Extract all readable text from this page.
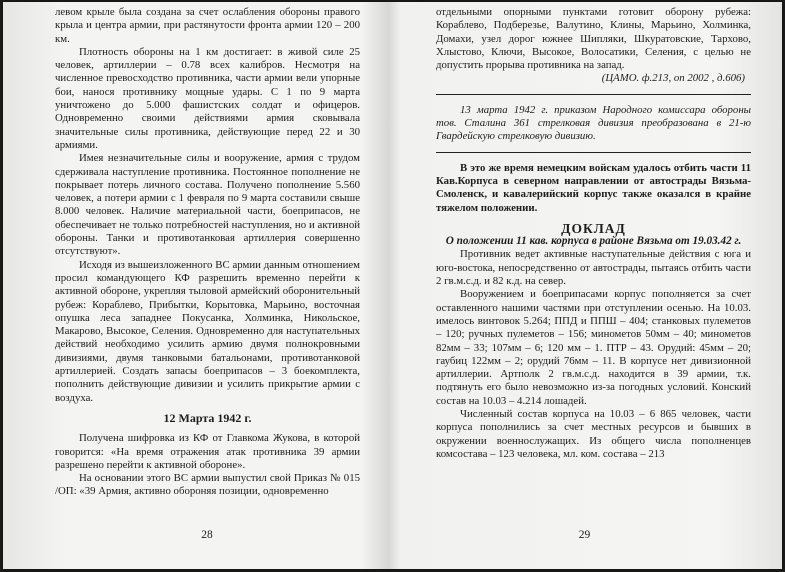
левом крыле была создана за счет ослабления обороны правого крыла и центра армии, при растянутости фронта армии 120 – 200 км.

Плотность обороны на 1 км достигает: в живой силе 25 человек, артиллерии – 0.78 всех калибров. Несмотря на численное превосходство противника, части армии вели упорные бои, нанося противнику мощные удары. С 1 по 9 марта уничтожено до 5.000 фашистских солдат и офицеров. Одновременно своими действиями армия сковывала значительные силы противника, действующие перед 22 и 30 армиями.

Имея незначительные силы и вооружение, армия с трудом сдерживала наступление противника. Постоянное пополнение не покрывает потерь личного состава. Получено пополнение 5.560 человек, а потери армии с 1 февраля по 9 марта составили свыше 8.000 человек. Наличие материальной части, боеприпасов, не обеспечивает не только потребностей наступления, но и активной обороны. Танки и противотанковая артиллерия совершенно отсутствуют».

Исходя из вышеизложенного ВС армии данным отношением просил командующего КФ разрешить временно перейти к активной обороне, укрепляя тыловой армейский оборонительный рубеж: Кораблево, Прибытки, Корытовка, Марьино, восточная опушка леса западнее Покусанка, Холминка, Никольское, Макарово, Высокое, Селения. Одновременно для наступательных действий необходимо усилить армию двумя полнокровными дивизиями, двумя танковыми батальонами, противотанковой артиллерией. Создать запасы боеприпасов – 3 боекомплекта, пополнить действующие дивизии и усилить прикрытие армии с воздуха.

12 Марта 1942 г.

Получена шифровка из КФ от Главкома Жукова, в которой говорится: «На время отражения атак противника 39 армии разрешено перейти к активной обороне».

На основании этого ВС армии выпустил свой Приказ № 015 /ОП: «39 Армия, активно обороняя позиции, одновременно

28

отдельными опорными пунктами готовит оборону рубежа: Кораблево, Подберезье, Валутино, Клины, Марьино, Холминка, Домахи, узел дорог южнее Шипляки, Шкуратовские, Тархово, Хлыстово, Ключи, Высокое, Волосатики, Селения, с целью не допустить прорыва противника на запад.

(ЦАМО. ф.213, оп 2002 , д.606)

13 марта 1942 г. приказом Народного комиссара обороны тов. Сталина 361 стрелковая дивизия преобразована в 21-ю Гвардейскую стрелковую дивизию.

В это же время немецким войскам удалось отбить части 11 Кав.Корпуса в северном направлении от автострады Вязьма-Смоленск, и кавалерийский корпус также оказался в крайне тяжелом положении.

ДОКЛАД

О положении 11 кав. корпуса в районе Вязьма от 19.03.42 г.

Противник ведет активные наступательные действия с юга и юго-востока, непосредственно от автострады, пытаясь отбить части 2 гв.м.с.д. и 82 к.д. на север.

Вооружением и боеприпасами корпус пополняется за счет оставленного нашими частями при отступлении осенью. На 10.03. имелось винтовок 5.264; ППД и ППШ – 404; станковых пулеметов – 120; ручных пулеметов – 156; минометов 50мм – 40; минометов 82мм – 33; 107мм – 6; 120 мм – 1. ПТР – 43. Орудий: 45мм – 20; гаубиц 122мм – 2; орудий 76мм – 11. В корпусе нет дивизионной артиллерии. Артполк 2 гв.м.с.д. находится в 39 армии, т.к. подтянуть его было невозможно из-за погодных условий. Конский состав на 10.03 – 4.214 лошадей.

Численный состав корпуса на 10.03 – 6 865 человек, части корпуса пополнились за счет местных ресурсов и бывших в окружении военнослужащих. Из общего числа пополненцев комсостава – 123 человека, мл. ком. состава – 213

29
